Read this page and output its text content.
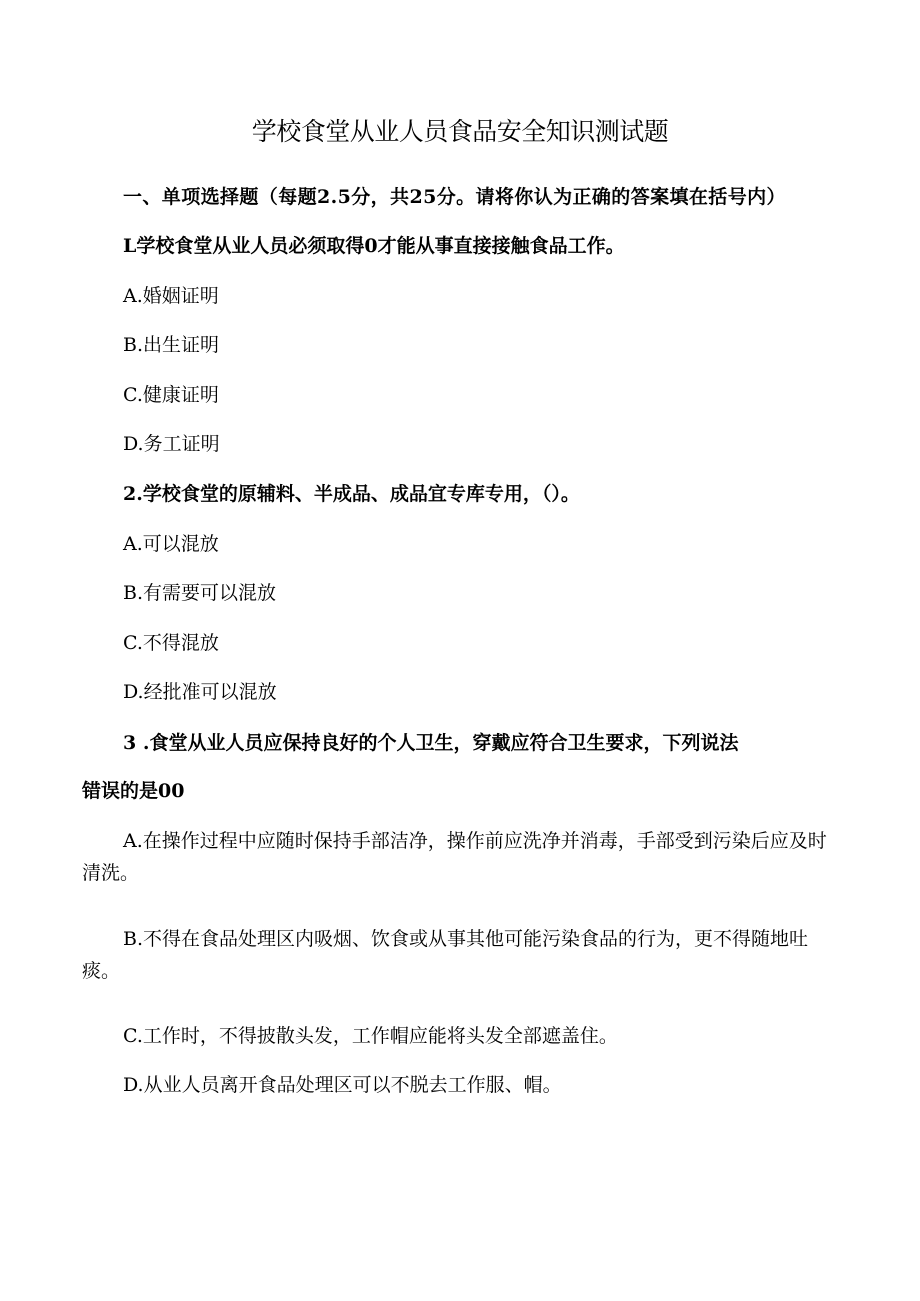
学校食堂从业人员食品安全知识测试题
一、单项选择题（每题2.5分，共25分。请将你认为正确的答案填在括号内）
L学校食堂从业人员必须取得0才能从事直接接触食品工作。
A.婚姻证明
B.出生证明
C.健康证明
D.务工证明
2.学校食堂的原辅料、半成品、成品宜专库专用，（）。
A.可以混放
B.有需要可以混放
C.不得混放
D.经批准可以混放
3 .食堂从业人员应保持良好的个人卫生，穿戴应符合卫生要求，下列说法
错误的是00
A.在操作过程中应随时保持手部洁净，操作前应洗净并消毒，手部受到污染后应及时清洗。
B.不得在食品处理区内吸烟、饮食或从事其他可能污染食品的行为，更不得随地吐痰。
C.工作时，不得披散头发，工作帽应能将头发全部遮盖住。
D.从业人员离开食品处理区可以不脱去工作服、帽。
